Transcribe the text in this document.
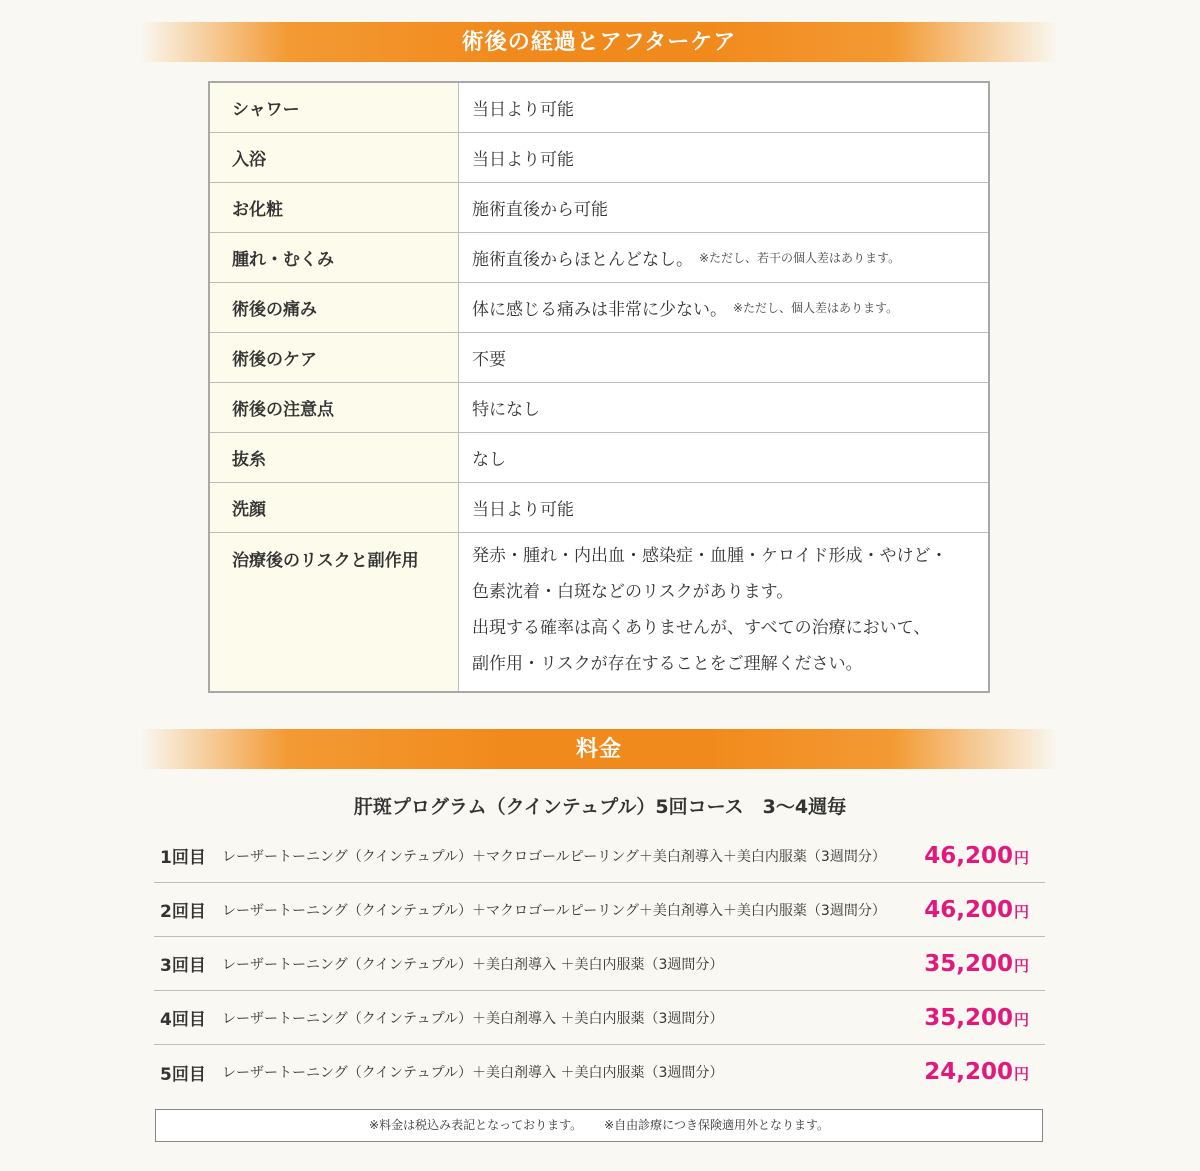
術後の経過とアフターケア
シャワー	当日より可能
入浴	当日より可能
お化粧	施術直後から可能
腫れ・むくみ	施術直後からほとんどなし。 ※ただし、若干の個人差はあります。
術後の痛み	体に感じる痛みは非常に少ない。 ※ただし、個人差はあります。
術後のケア	不要
術後の注意点	特になし
抜糸	なし
洗顔	当日より可能
治療後のリスクと副作用	発赤・腫れ・内出血・感染症・血腫・ケロイド形成・やけど・
色素沈着・白斑などのリスクがあります。
出現する確率は高くありませんが、すべての治療において、
副作用・リスクが存在することをご理解ください。
料金
肝斑プログラム（クインテュプル）5回コース　3～4週毎
1回目	レーザートーニング（クインテュプル）＋マクロゴールピーリング＋美白剤導入＋美白内服薬（3週間分）	46,200円
2回目	レーザートーニング（クインテュプル）＋マクロゴールピーリング＋美白剤導入＋美白内服薬（3週間分）	46,200円
3回目	レーザートーニング（クインテュプル）＋美白剤導入 ＋美白内服薬（3週間分）	35,200円
4回目	レーザートーニング（クインテュプル）＋美白剤導入 ＋美白内服薬（3週間分）	35,200円
5回目	レーザートーニング（クインテュプル）＋美白剤導入 ＋美白内服薬（3週間分）	24,200円
※料金は税込み表記となっております。 ※自由診療につき保険適用外となります。
